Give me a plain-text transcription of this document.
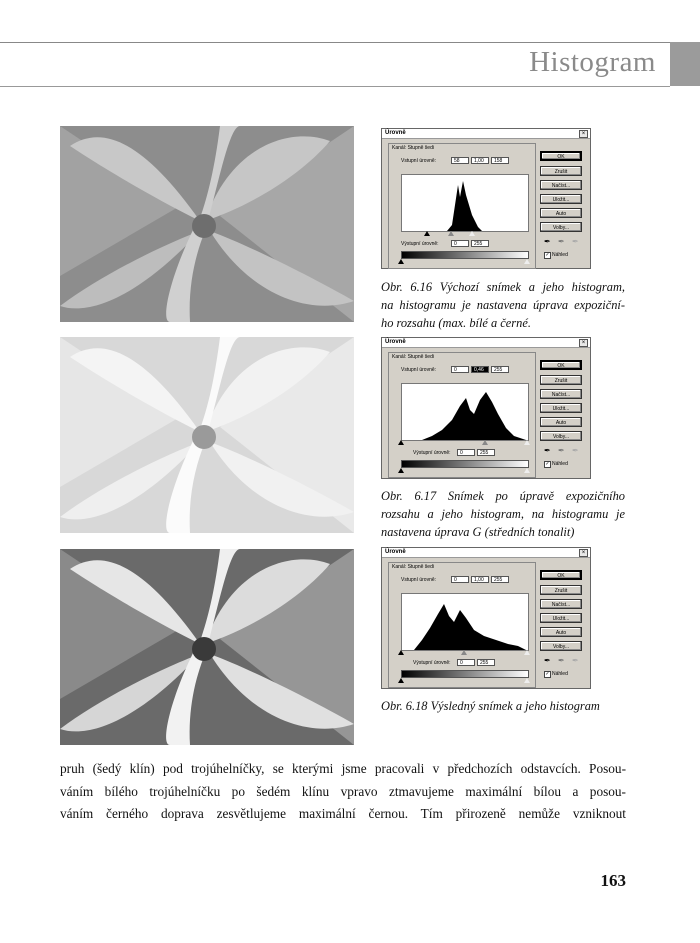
Histogram
Úrovně	×
Kanál: Stupně šedi
Vstupní úrovně:	58	1,00	158
Výstupní úrovně:	0	255
OK
Zrušit
Načíst...
Uložit...
Auto
Volby...
✒ ✒ ✒
✓ Náhled
Úrovně	×
Kanál: Stupně šedi
Vstupní úrovně:	0	0,46	255
Výstupní úrovně:	0	255
OK
Zrušit
Načíst...
Uložit...
Auto
Volby...
✒ ✒ ✒
✓ Náhled
Úrovně	×
Kanál: Stupně šedi
Vstupní úrovně:	0	1,00	255
Výstupní úrovně:	0	255
OK
Zrušit
Načíst...
Uložit...
Auto
Volby...
✒ ✒ ✒
✓ Náhled
Obr. 6.16 Výchozí snímek a jeho histogram,
na histogramu je nastavena úprava expoziční-
ho rozsahu (max. bílé a černé.
Obr. 6.17 Snímek po úpravě expozičního
rozsahu a jeho histogram, na histogramu je
nastavena úprava G (středních tonalit)
Obr. 6.18 Výsledný snímek a jeho histogram
pruh (šedý klín) pod trojúhelníčky, se kterými jsme pracovali v předchozích odstavcích. Posou-
váním bílého trojúhelníčku po šedém klínu vpravo ztmavujeme maximální bílou a posou-
váním černého doprava zesvětlujeme maximální černou. Tím přirozeně nemůže vzniknout
163
